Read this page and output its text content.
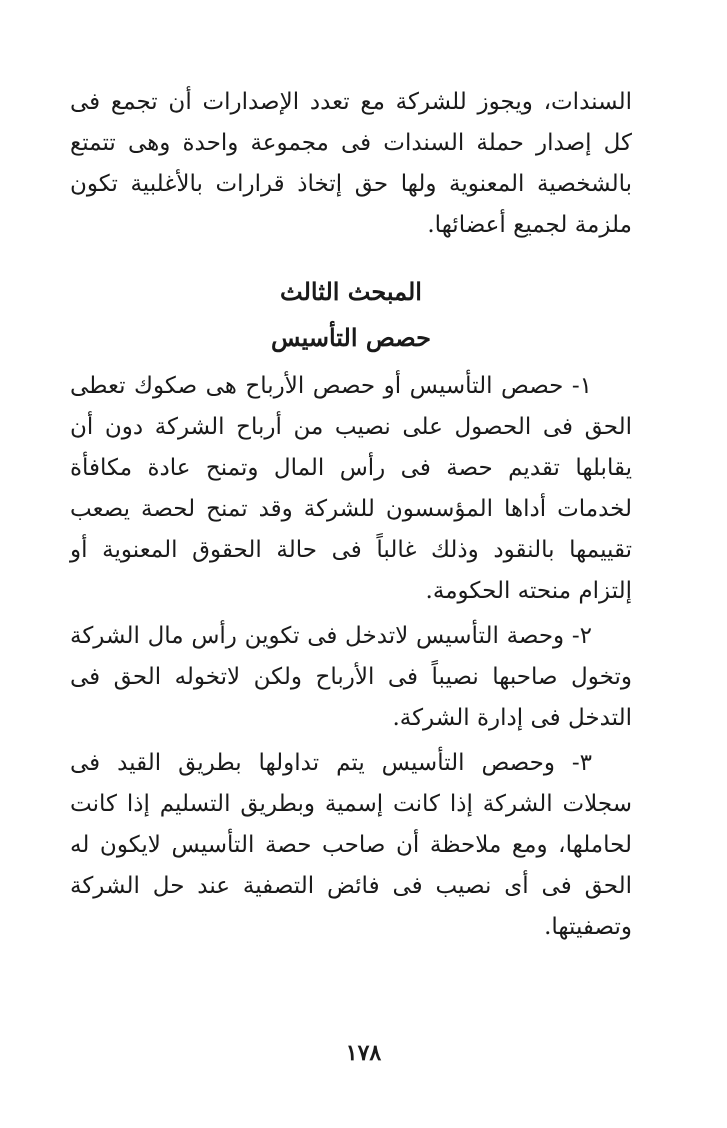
السندات، ويجوز للشركة مع تعدد الإصدارات أن تجمع فى كل إصدار حملة السندات فى مجموعة واحدة وهى تتمتع بالشخصية المعنوية ولها حق إتخاذ قرارات بالأغلبية تكون ملزمة لجميع أعضائها.

المبحث الثالث
حصص التأسيس

١- حصص التأسيس أو حصص الأرباح هى صكوك تعطى الحق فى الحصول على نصيب من أرباح الشركة دون أن يقابلها تقديم حصة فى رأس المال وتمنح عادة مكافأة لخدمات أداها المؤسسون للشركة وقد تمنح لحصة يصعب تقييمها بالنقود وذلك غالباً فى حالة الحقوق المعنوية أو إلتزام منحته الحكومة.

٢- وحصة التأسيس لاتدخل فى تكوين رأس مال الشركة وتخول صاحبها نصيباً فى الأرباح ولكن لاتخوله الحق فى التدخل فى إدارة الشركة.

٣- وحصص التأسيس يتم تداولها بطريق القيد فى سجلات الشركة إذا كانت إسمية وبطريق التسليم إذا كانت لحاملها، ومع ملاحظة أن صاحب حصة التأسيس لايكون له الحق فى أى نصيب فى فائض التصفية عند حل الشركة وتصفيتها.

١٧٨
